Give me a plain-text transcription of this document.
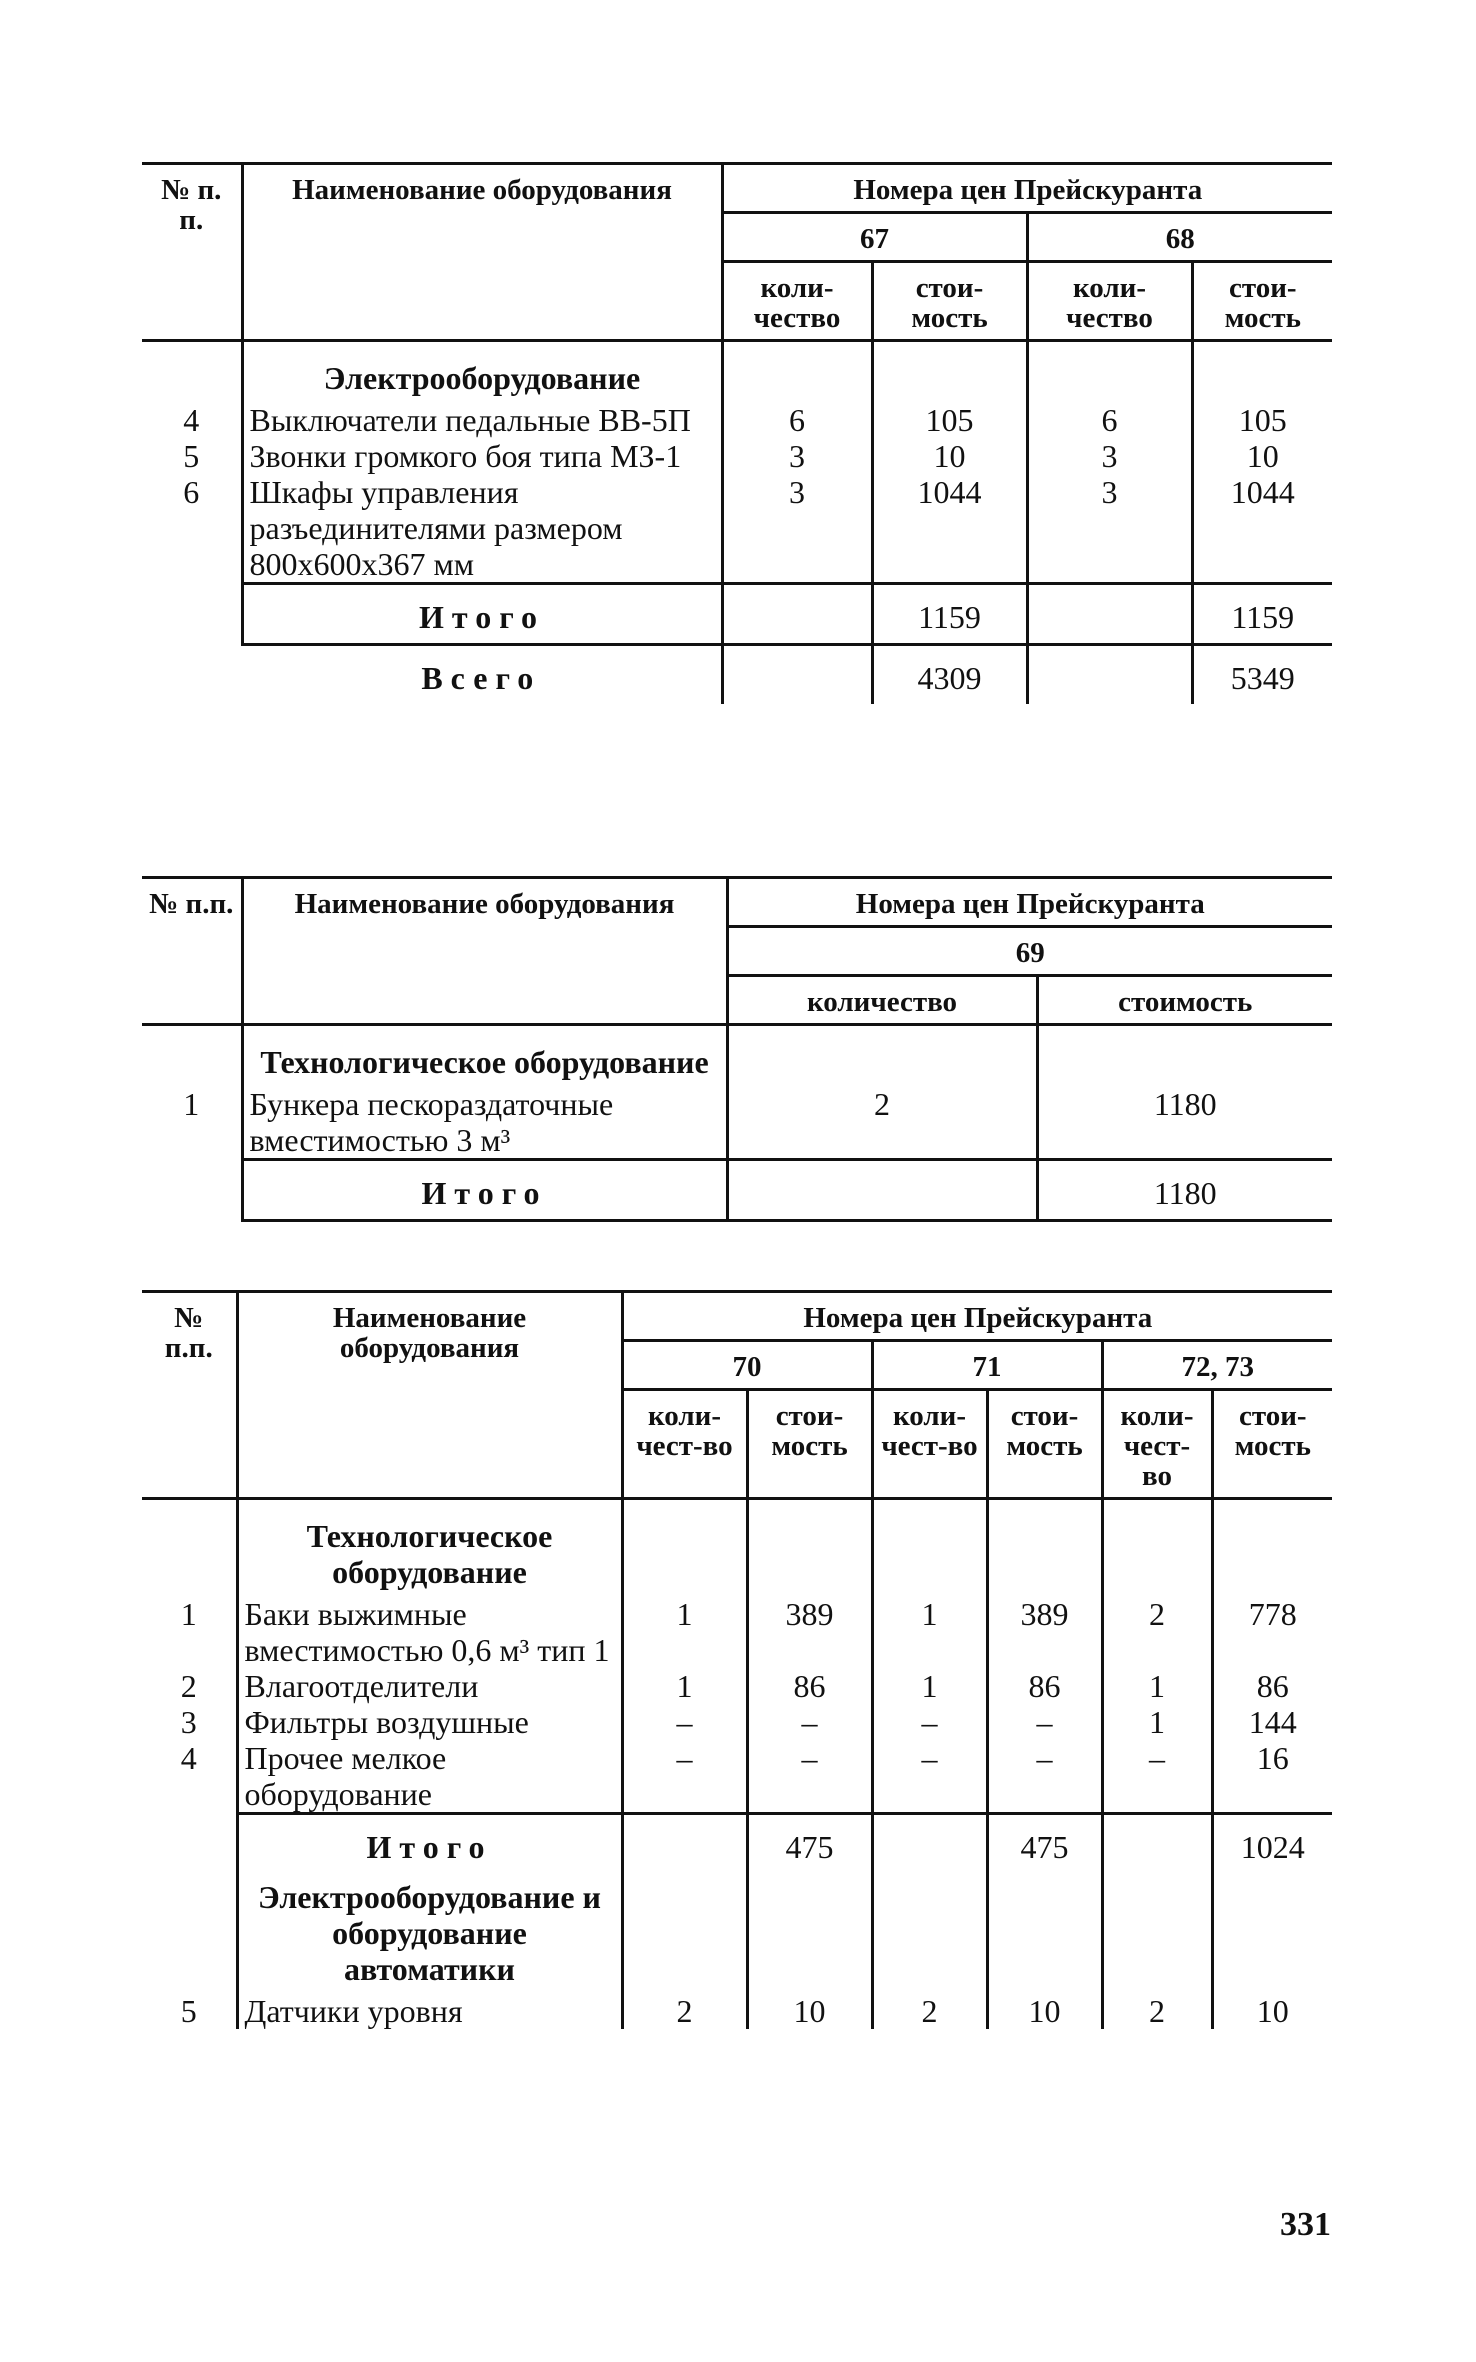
№ п. п.	Наименование оборудования	Номера цен Прейскуранта			
		67		68	
		коли-чество	стои-мость	коли-чество	стои-мость
	Электрооборудование				
4	Выключатели педальные ВВ-5П	6	105	6	105
5	Звонки громкого боя типа МЗ-1	3	10	3	10
6	Шкафы управления разъединителями размером 800х600х367 мм	3	1044	3	1044
	Итого		1159		1159
	Всего		4309		5349
№ п.п.	Наименование оборудования	Номера цен Прейскуранта	
		69	
		количество	стоимость
	Технологическое оборудование		
1	Бункера пескораздаточные вместимостью 3 м³	2	1180
	Итого		1180
№ п.п.	Наименование оборудования	Номера цен Прейскуранта					
		70		71		72, 73	
		коли-чест-во	стои-мость	коли-чест-во	стои-мость	коли-чест-во	стои-мость
	Технологическое оборудование						
1	Баки выжимные вместимостью 0,6 м³ тип 1	1	389	1	389	2	778
2	Влагоотделители	1	86	1	86	1	86
3	Фильтры воздушные	–	–	–	–	1	144
4	Прочее мелкое оборудование	–	–	–	–	–	16
	Итого		475		475		1024
	Электрооборудование и оборудование автоматики						
5	Датчики уровня	2	10	2	10	2	10
331
